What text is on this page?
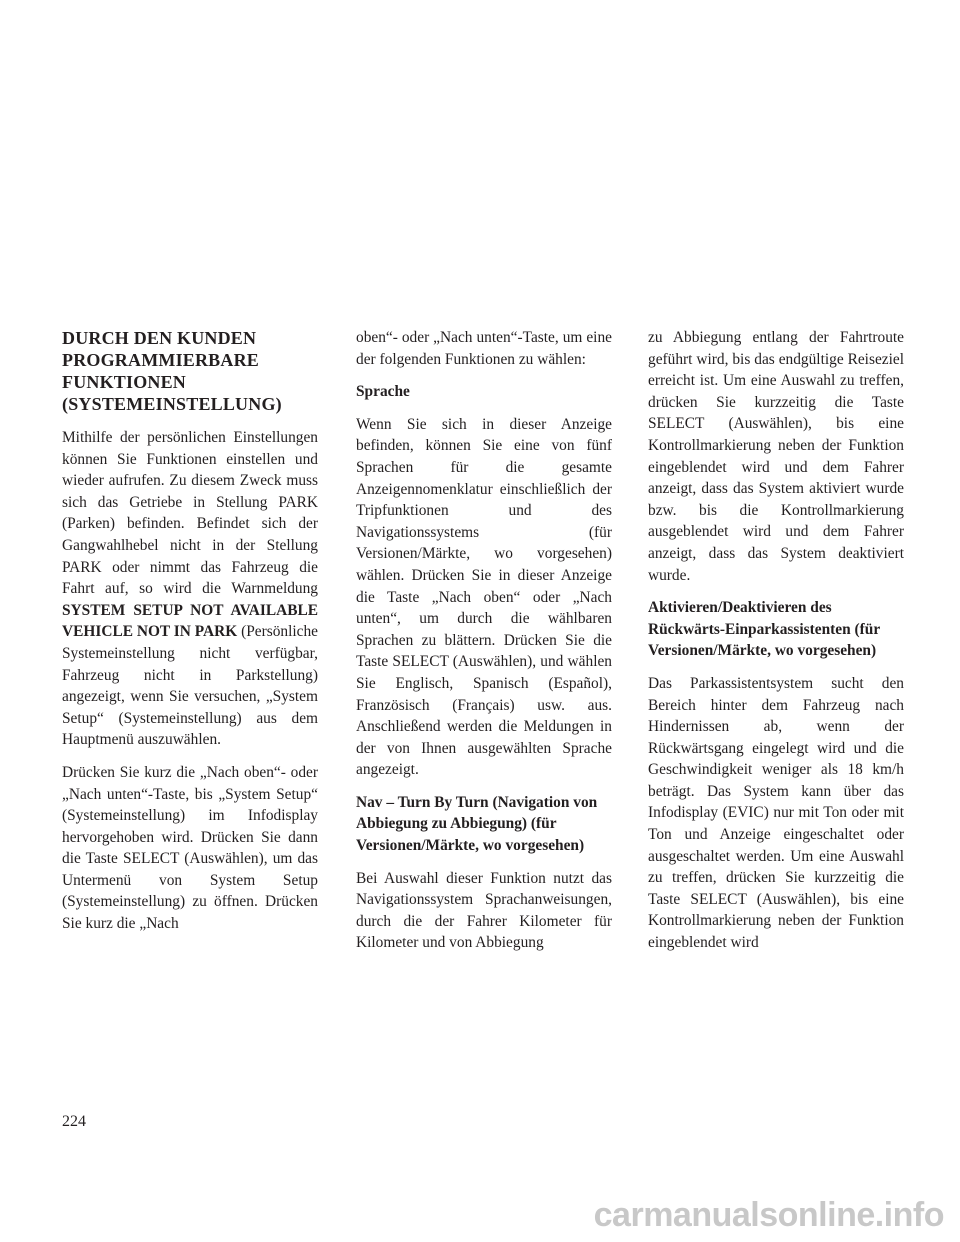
DURCH DEN KUNDEN
PROGRAMMIERBARE
FUNKTIONEN
(SYSTEMEINSTELLUNG)

Mithilfe der persönlichen Einstellungen können Sie Funktionen einstellen und wieder aufrufen. Zu diesem Zweck muss sich das Getriebe in Stellung PARK (Parken) befinden. Befindet sich der Gangwahlhebel nicht in der Stellung PARK oder nimmt das Fahrzeug die Fahrt auf, so wird die Warnmeldung SYSTEM SETUP NOT AVAILABLE VEHICLE NOT IN PARK (Persönliche Systemeinstellung nicht verfügbar, Fahrzeug nicht in Parkstellung) angezeigt, wenn Sie versuchen, „System Setup“ (Systemeinstellung) aus dem Hauptmenü auszuwählen.

Drücken Sie kurz die „Nach oben“- oder „Nach unten“-Taste, bis „System Setup“ (Systemeinstellung) im Infodisplay hervorgehoben wird. Drücken Sie dann die Taste SELECT (Auswählen), um das Untermenü von System Setup (Systemeinstellung) zu öffnen. Drücken Sie kurz die „Nach

oben“- oder „Nach unten“-Taste, um eine der folgenden Funktionen zu wählen:

Sprache

Wenn Sie sich in dieser Anzeige befinden, können Sie eine von fünf Sprachen für die gesamte Anzeigennomenklatur einschließlich der Tripfunktionen und des Navigationssystems (für Versionen/Märkte, wo vorgesehen) wählen. Drücken Sie in dieser Anzeige die Taste „Nach oben“ oder „Nach unten“, um durch die wählbaren Sprachen zu blättern. Drücken Sie die Taste SELECT (Auswählen), und wählen Sie Englisch, Spanisch (Español), Französisch (Français) usw. aus. Anschließend werden die Meldungen in der von Ihnen ausgewählten Sprache angezeigt.

Nav – Turn By Turn (Navigation von Abbiegung zu Abbiegung) (für Versionen/Märkte, wo vorgesehen)

Bei Auswahl dieser Funktion nutzt das Navigationssystem Sprachanweisungen, durch die der Fahrer Kilometer für Kilometer und von Abbiegung

zu Abbiegung entlang der Fahrtroute geführt wird, bis das endgültige Reiseziel erreicht ist. Um eine Auswahl zu treffen, drücken Sie kurzzeitig die Taste SELECT (Auswählen), bis eine Kontrollmarkierung neben der Funktion eingeblendet wird und dem Fahrer anzeigt, dass das System aktiviert wurde bzw. bis die Kontrollmarkierung ausgeblendet wird und dem Fahrer anzeigt, dass das System deaktiviert wurde.

Aktivieren/Deaktivieren des Rückwärts-Einparkassistenten (für Versionen/Märkte, wo vorgesehen)

Das Parkassistentsystem sucht den Bereich hinter dem Fahrzeug nach Hindernissen ab, wenn der Rückwärtsgang eingelegt wird und die Geschwindigkeit weniger als 18 km/h beträgt. Das System kann über das Infodisplay (EVIC) nur mit Ton oder mit Ton und Anzeige eingeschaltet oder ausgeschaltet werden. Um eine Auswahl zu treffen, drücken Sie kurzzeitig die Taste SELECT (Auswählen), bis eine Kontrollmarkierung neben der Funktion eingeblendet wird

224
carmanualsonline.info
